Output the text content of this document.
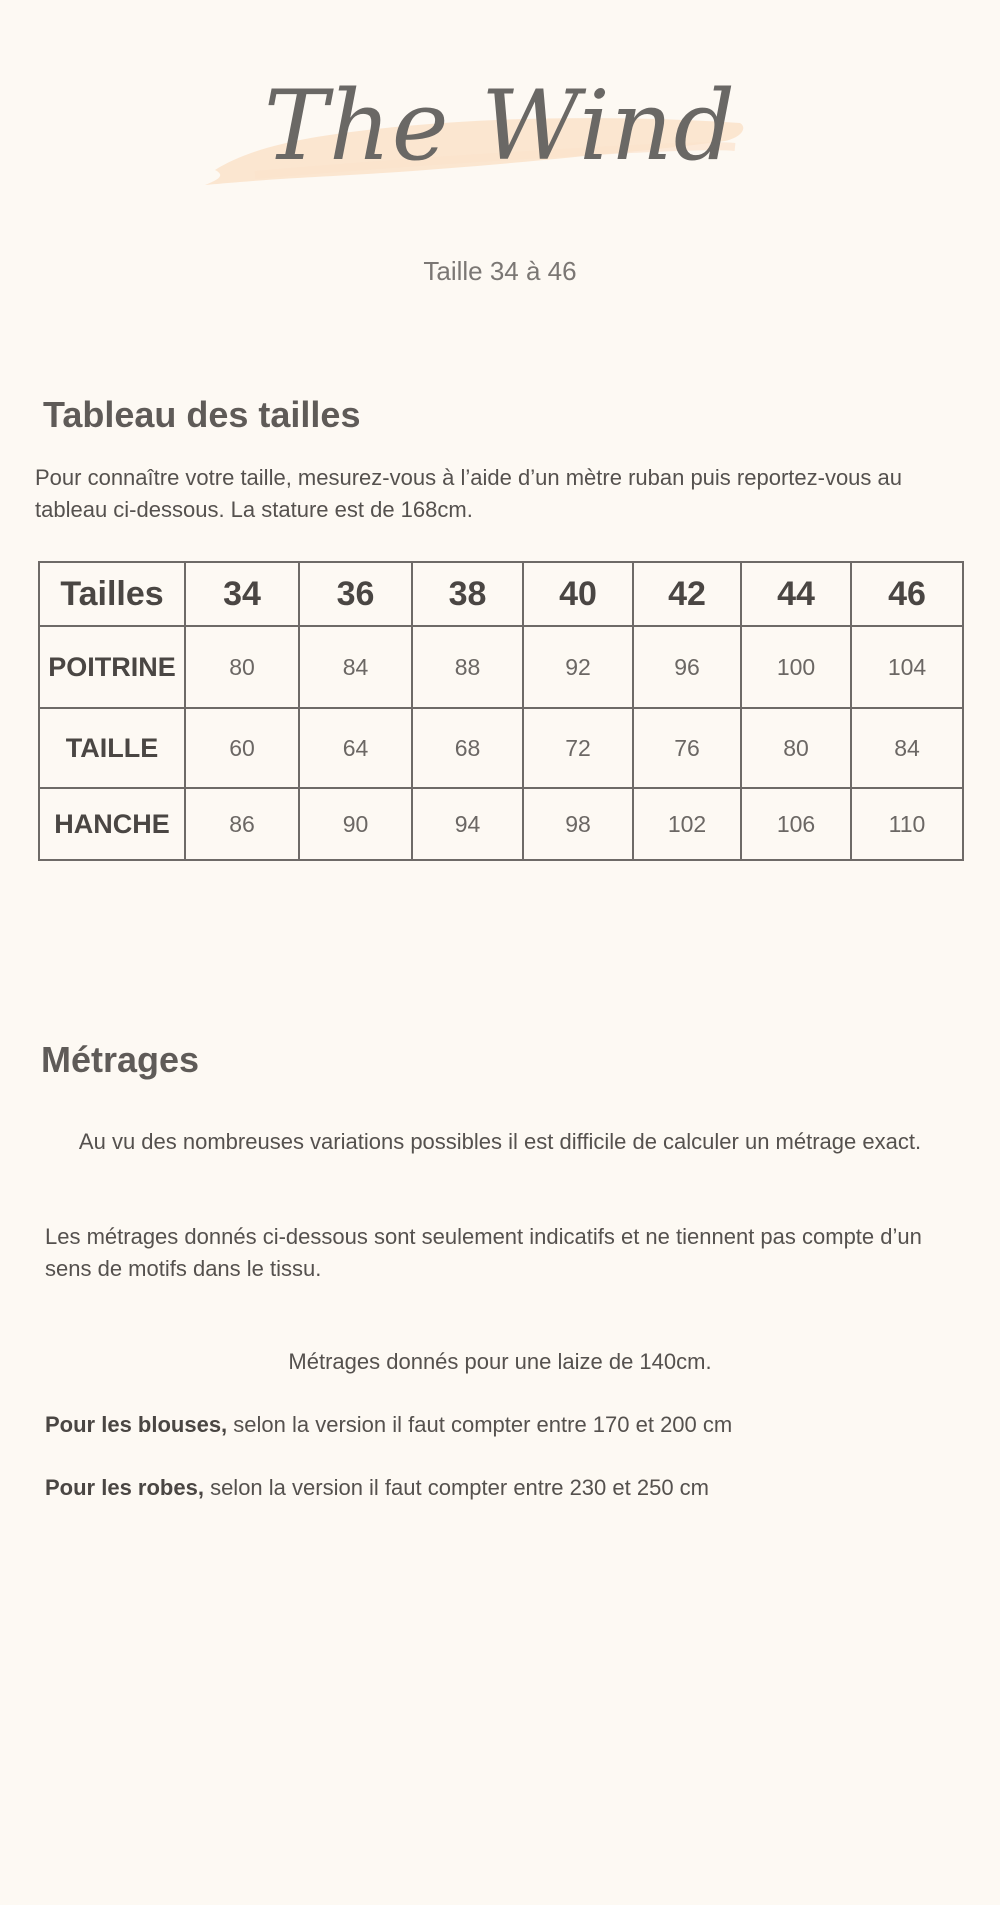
The Wind
Taille 34 à 46
Tableau des tailles
Pour connaître votre taille, mesurez-vous à l’aide d’un mètre ruban puis reportez-vous au tableau ci-dessous. La stature est de 168cm.
Tailles	34	36	38	40	42	44	46
POITRINE	80	84	88	92	96	100	104
TAILLE	60	64	68	72	76	80	84
HANCHE	86	90	94	98	102	106	110
Métrages
Au vu des nombreuses variations possibles il est difficile de calculer un métrage exact.
Les métrages donnés ci-dessous sont seulement indicatifs et ne tiennent pas compte d’un sens de motifs dans le tissu.
Métrages donnés pour une laize de 140cm.
Pour les blouses, selon la version il faut compter entre 170 et 200 cm
Pour les robes, selon la version il faut compter entre 230 et 250 cm
